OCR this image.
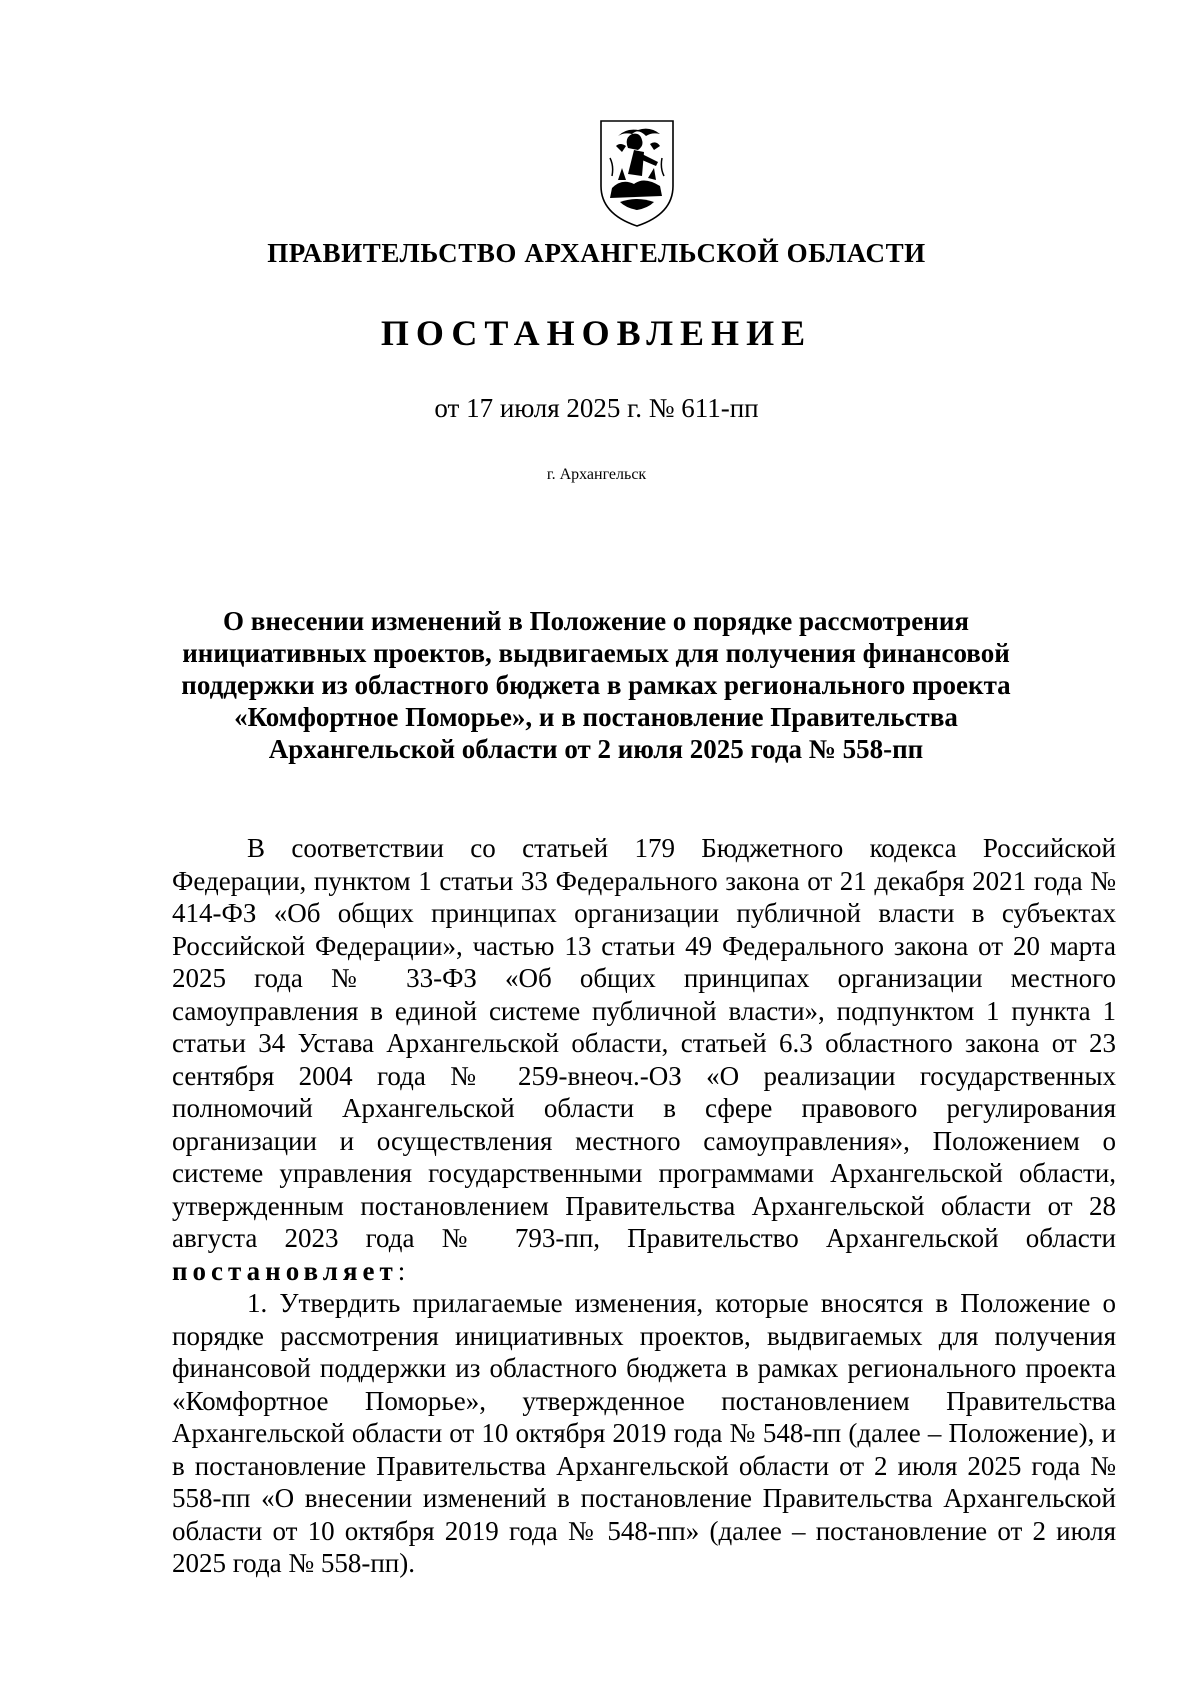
ПРАВИТЕЛЬСТВО АРХАНГЕЛЬСКОЙ ОБЛАСТИ
ПОСТАНОВЛЕНИЕ
от 17 июля 2025 г. № 611-пп
г. Архангельск
О внесении изменений в Положение о порядке рассмотрения
инициативных проектов, выдвигаемых для получения финансовой
поддержки из областного бюджета в рамках регионального проекта
«Комфортное Поморье», и в постановление Правительства
Архангельской области от 2 июля 2025 года № 558-пп

В соответствии со статьей 179 Бюджетного кодекса Российской Федерации, пунктом 1 статьи 33 Федерального закона от 21 декабря 2021 года № 414-ФЗ «Об общих принципах организации публичной власти в субъектах Российской Федерации», частью 13 статьи 49 Федерального закона от 20 марта 2025 года № 33-ФЗ «Об общих принципах организации местного самоуправления в единой системе публичной власти», подпунктом 1 пункта 1 статьи 34 Устава Архангельской области, статьей 6.3 областного закона от 23 сентября 2004 года № 259-внеоч.-ОЗ «О реализации государственных полномочий Архангельской области в сфере правового регулирования организации и осуществления местного самоуправления», Положением о системе управления государственными программами Архангельской области, утвержденным постановлением Правительства Архангельской области от 28 августа 2023 года № 793-пп, Правительство Архангельской области постановляет:

1. Утвердить прилагаемые изменения, которые вносятся в Положение о порядке рассмотрения инициативных проектов, выдвигаемых для получения финансовой поддержки из областного бюджета в рамках регионального проекта «Комфортное Поморье», утвержденное постановлением Правительства Архангельской области от 10 октября 2019 года № 548-пп (далее – Положение), и в постановление Правительства Архангельской области от 2 июля 2025 года № 558-пп «О внесении изменений в постановление Правительства Архангельской области от 10 октября 2019 года № 548-пп» (далее – постановление от 2 июля 2025 года № 558-пп).
